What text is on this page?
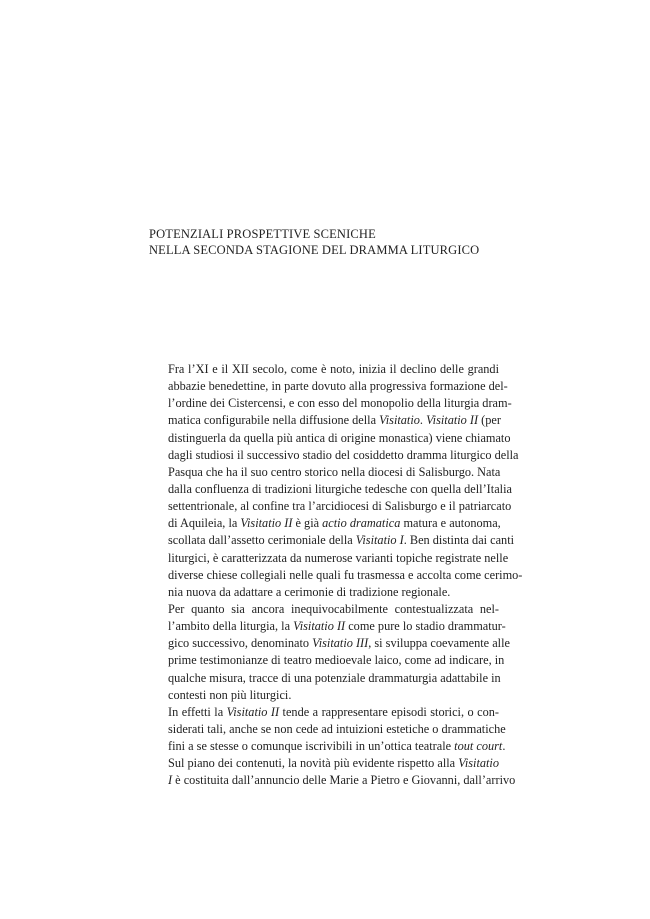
POTENZIALI PROSPETTIVE SCENICHE
NELLA SECONDA STAGIONE DEL DRAMMA LITURGICO

Fra l’XI e il XII secolo, come è noto, inizia il declino delle grandi
abbazie benedettine, in parte dovuto alla progressiva formazione del-
l’ordine dei Cistercensi, e con esso del monopolio della liturgia dram-
matica configurabile nella diffusione della Visitatio. Visitatio II (per
distinguerla da quella più antica di origine monastica) viene chiamato
dagli studiosi il successivo stadio del cosiddetto dramma liturgico della
Pasqua che ha il suo centro storico nella diocesi di Salisburgo. Nata
dalla confluenza di tradizioni liturgiche tedesche con quella dell’Italia
settentrionale, al confine tra l’arcidiocesi di Salisburgo e il patriarcato
di Aquileia, la Visitatio II è già actio dramatica matura e autonoma,
scollata dall’assetto cerimoniale della Visitatio I. Ben distinta dai canti
liturgici, è caratterizzata da numerose varianti topiche registrate nelle
diverse chiese collegiali nelle quali fu trasmessa e accolta come cerimo-
nia nuova da adattare a cerimonie di tradizione regionale.

Per quanto sia ancora inequivocabilmente contestualizzata nel-
l’ambito della liturgia, la Visitatio II come pure lo stadio drammatur-
gico successivo, denominato Visitatio III, si sviluppa coevamente alle
prime testimonianze di teatro medioevale laico, come ad indicare, in
qualche misura, tracce di una potenziale drammaturgia adattabile in
contesti non più liturgici.

In effetti la Visitatio II tende a rappresentare episodi storici, o con-
siderati tali, anche se non cede ad intuizioni estetiche o drammatiche
fini a se stesse o comunque iscrivibili in un’ottica teatrale tout court.

Sul piano dei contenuti, la novità più evidente rispetto alla Visitatio
I è costituita dall’annuncio delle Marie a Pietro e Giovanni, dall’arrivo
